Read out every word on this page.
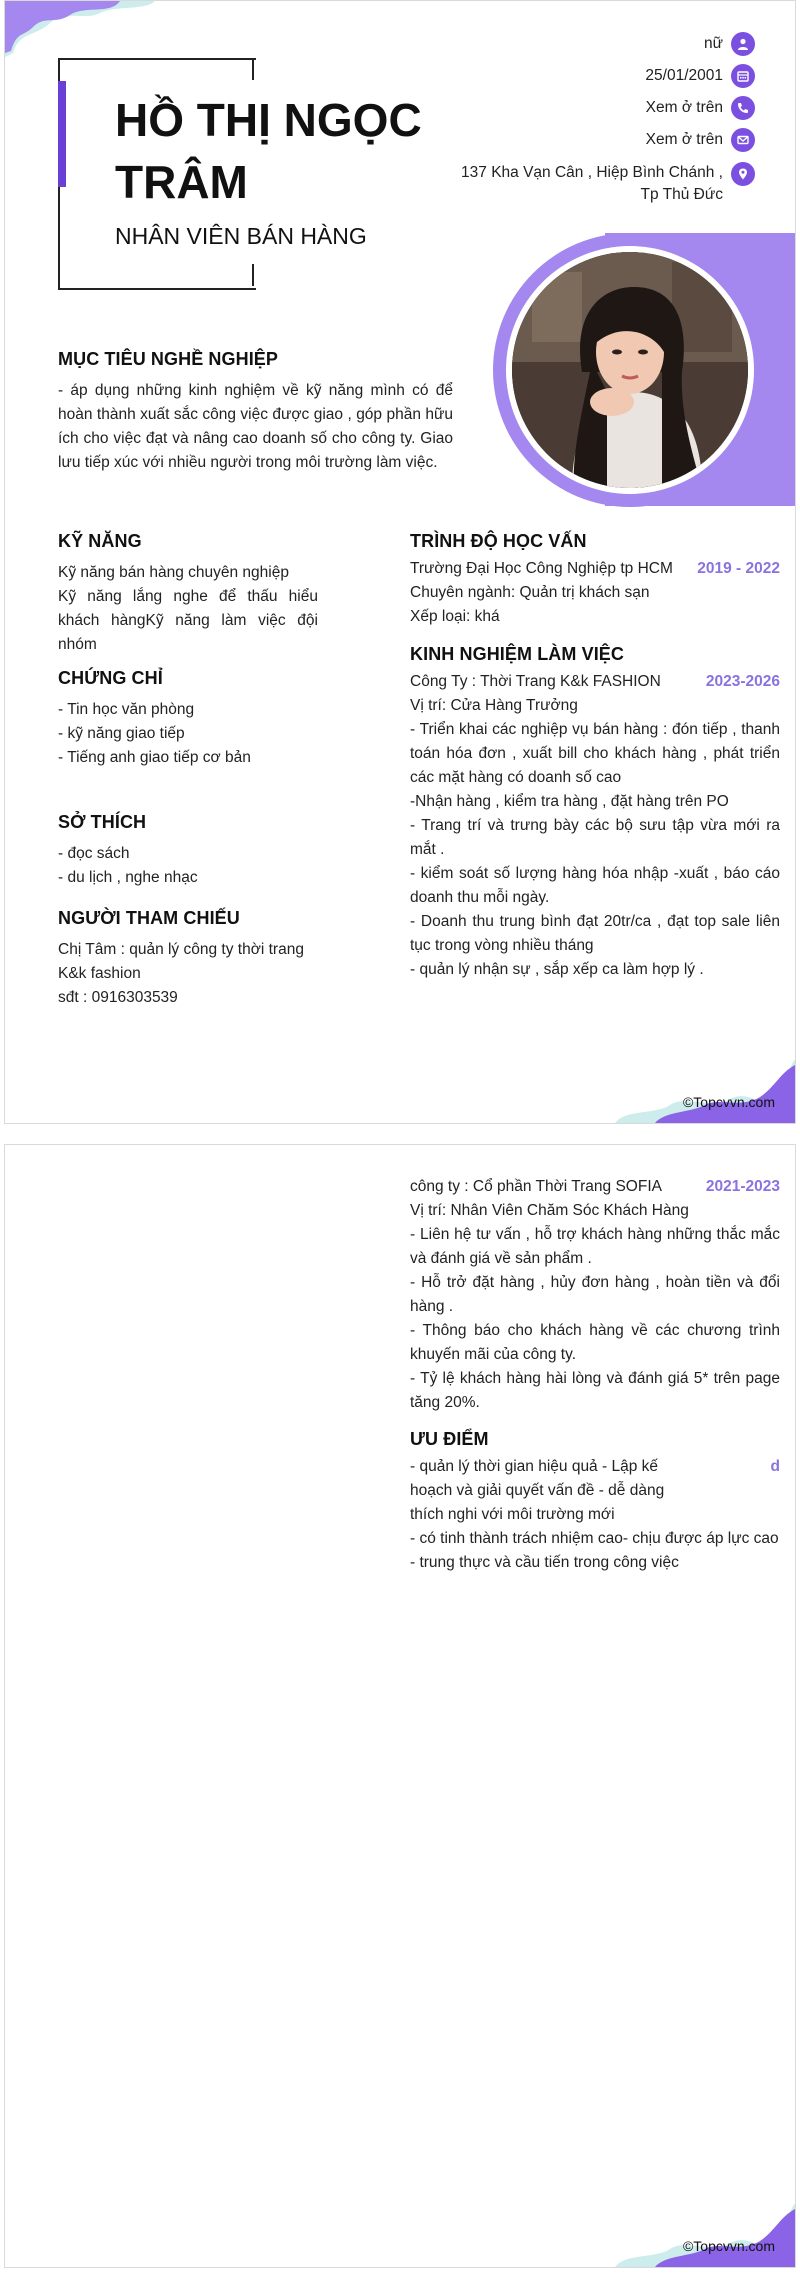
HỒ THỊ NGỌC
TRÂM
NHÂN VIÊN BÁN HÀNG
nữ
25/01/2001
Xem ở trên
Xem ở trên
137 Kha Vạn Cân , Hiệp Bình Chánh ,
Tp Thủ Đức
MỤC TIÊU NGHỀ NGHIỆP
- áp dụng những kinh nghiệm về kỹ năng mình có để hoàn thành xuất sắc công việc được giao , góp phần hữu ích cho việc đạt và nâng cao doanh số cho công ty. Giao lưu tiếp xúc với nhiều người trong môi trường làm việc.
KỸ NĂNG
Kỹ năng bán hàng chuyên nghiệp
Kỹ năng lắng nghe để thấu hiểu khách hàngKỹ năng làm việc đội nhóm
CHỨNG CHỈ
- Tin học văn phòng
- kỹ năng giao tiếp
- Tiếng anh giao tiếp cơ bản
SỞ THÍCH
- đọc sách
- du lịch , nghe nhạc
NGƯỜI THAM CHIẾU
Chị Tâm : quản lý công ty thời trang
K&k fashion
sđt : 0916303539
TRÌNH ĐỘ HỌC VẤN
Trường Đại Học Công Nghiệp tp HCM 2019 - 2022
Chuyên ngành: Quản trị khách sạn
Xếp loại: khá
KINH NGHIỆM LÀM VIỆC
Công Ty : Thời Trang K&k FASHION	2023-2026
Vị trí: Cửa Hàng Trưởng
- Triển khai các nghiệp vụ bán hàng : đón tiếp , thanh toán hóa đơn , xuất bill cho khách hàng , phát triển các mặt hàng có doanh số cao
-Nhận hàng , kiểm tra hàng , đặt hàng trên PO
- Trang trí và trưng bày các bộ sưu tập vừa mới ra mắt .
- kiểm soát số lượng hàng hóa nhập -xuất , báo cáo doanh thu mỗi ngày.
- Doanh thu trung bình đạt 20tr/ca , đạt top sale liên tục trong vòng nhiều tháng
- quản lý nhận sự , sắp xếp ca làm hợp lý .
©Topcvvn.com
công ty : Cổ phần Thời Trang SOFIA	2021-2023
Vị trí: Nhân Viên Chăm Sóc Khách Hàng
- Liên hệ tư vấn , hỗ trợ khách hàng những thắc mắc và đánh giá về sản phẩm .
- Hỗ trở đặt hàng , hủy đơn hàng , hoàn tiền và đổi hàng .
- Thông báo cho khách hàng về các chương trình khuyến mãi của công ty.
- Tỷ lệ khách hàng hài lòng và đánh giá 5* trên page tăng 20%.
ƯU ĐIỂM
- quản lý thời gian hiệu quả - Lập kế hoạch và giải quyết vấn đề - dễ dàng thích nghi với môi trường mới
d
- có tinh thành trách nhiệm cao- chịu được áp lực cao
- trung thực và cầu tiến trong công việc
©Topcvvn.com
